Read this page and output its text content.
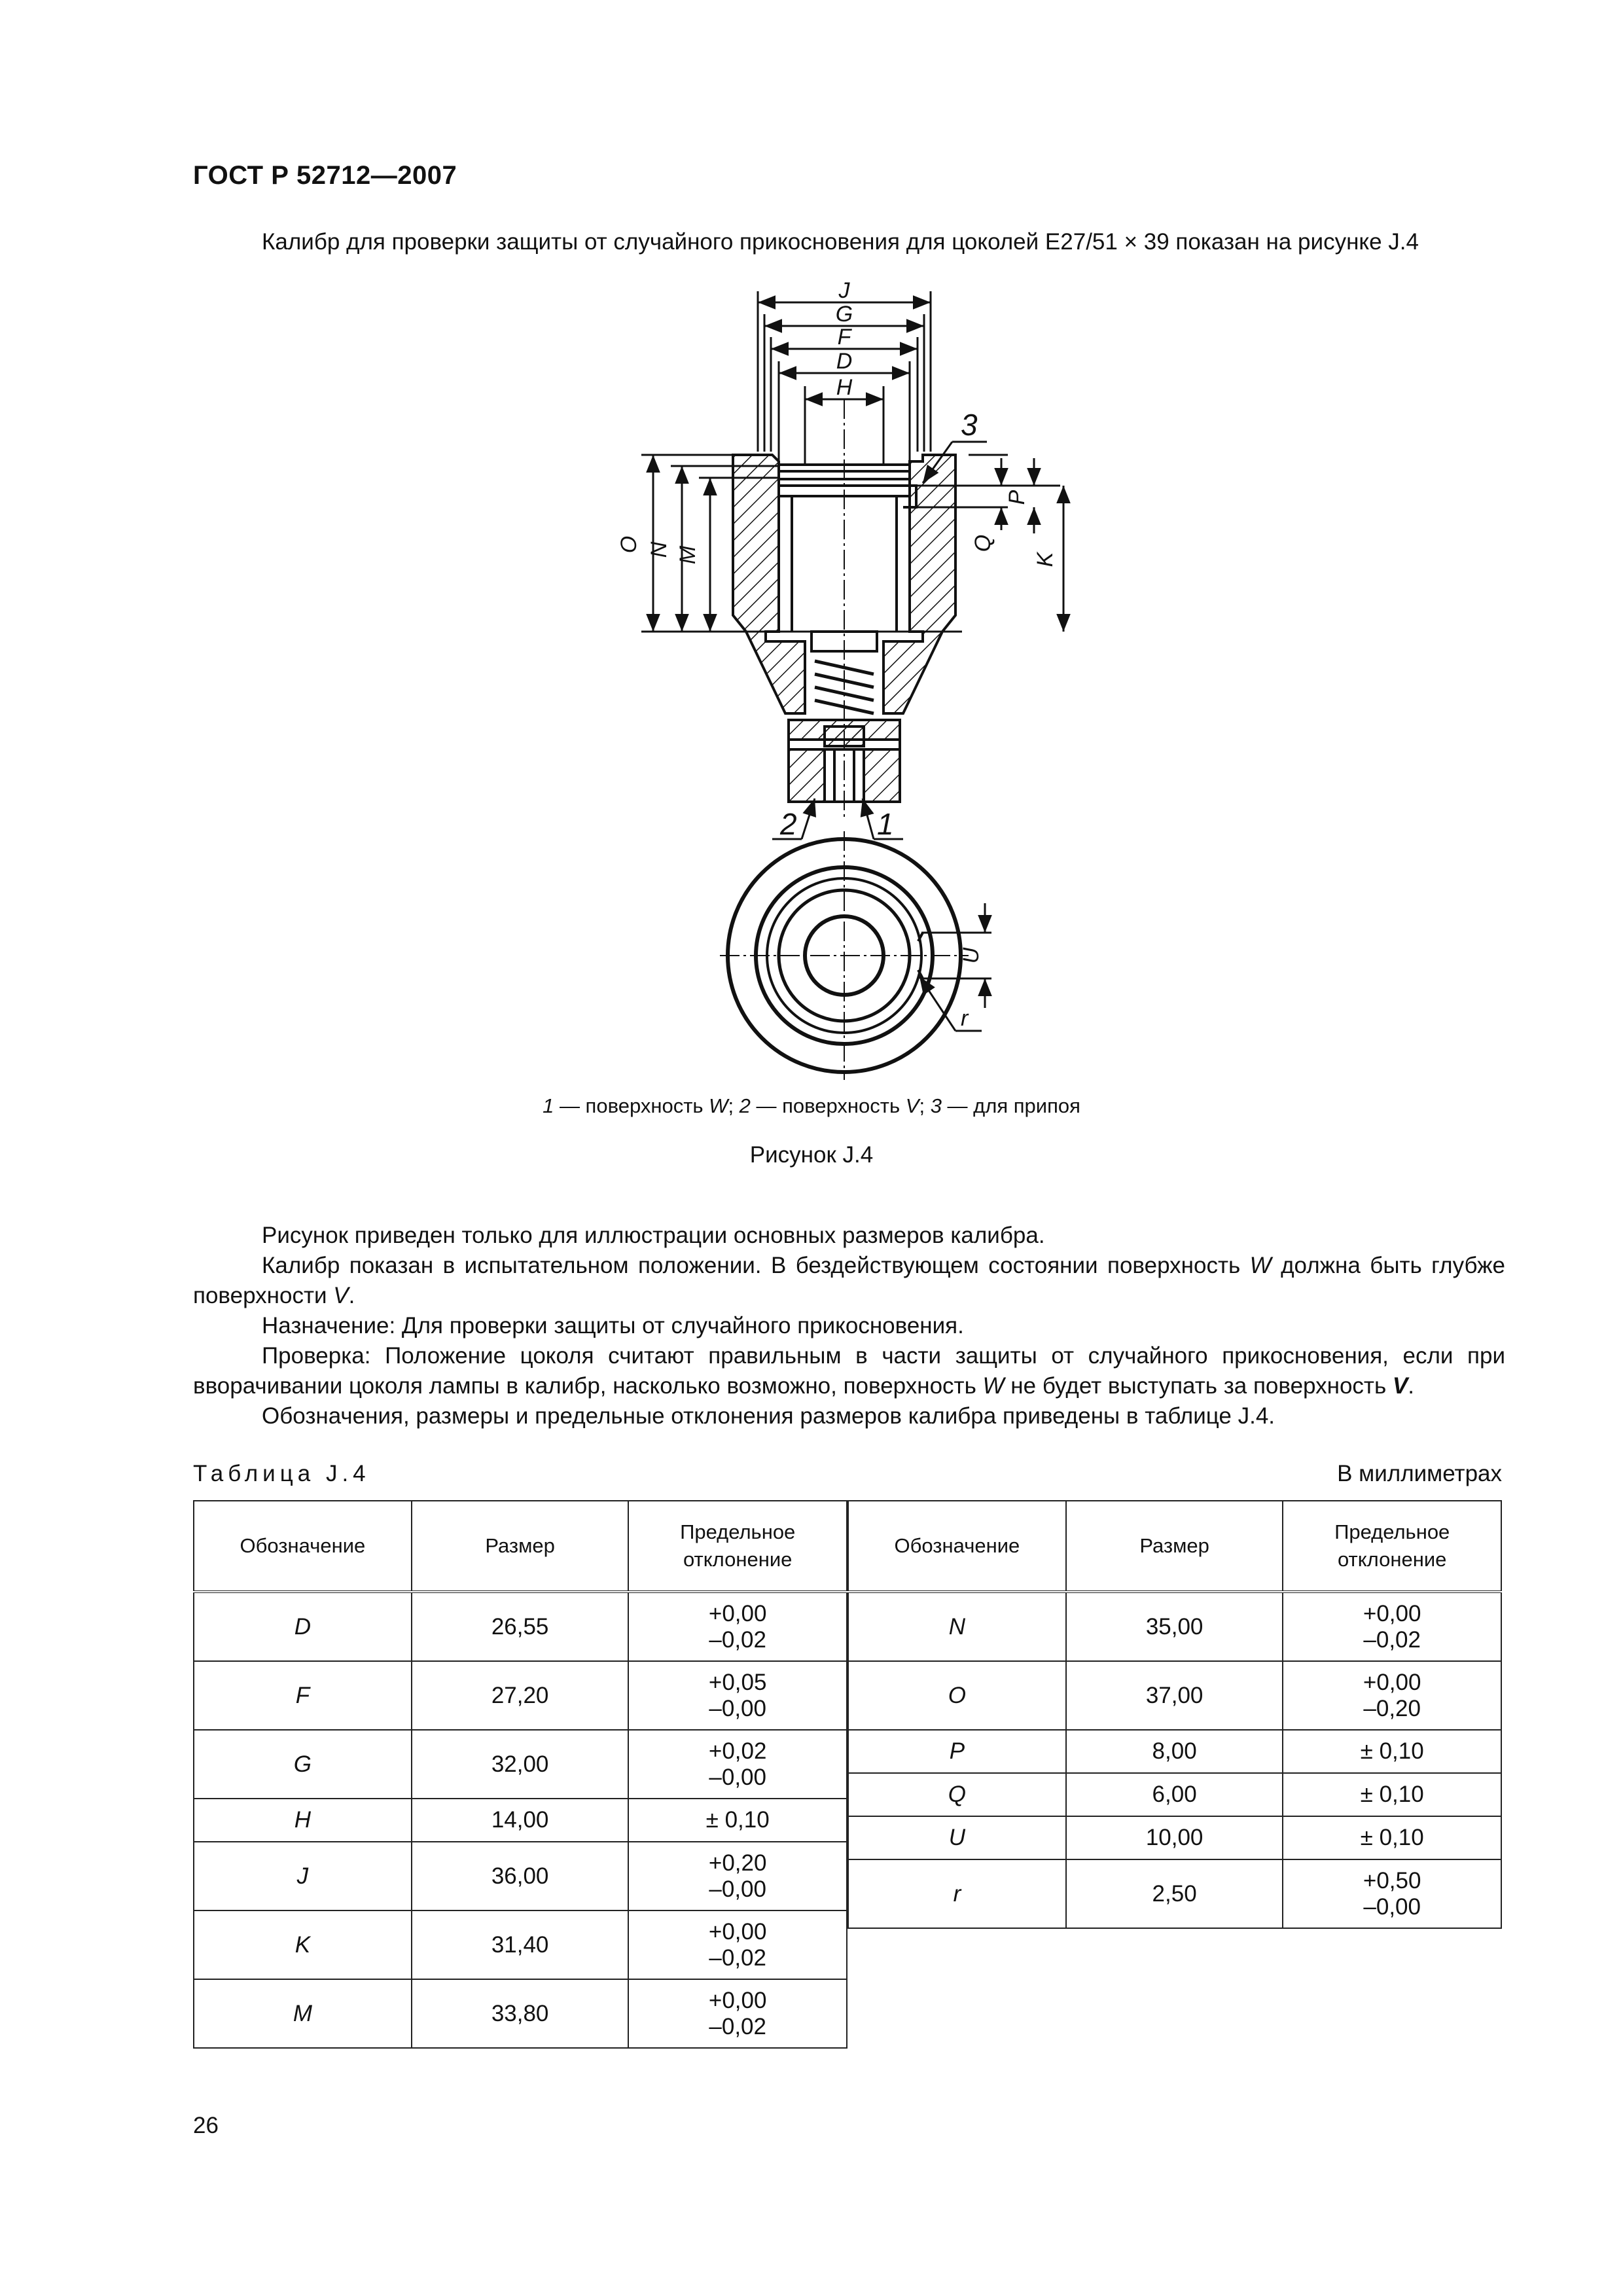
ГОСТ Р 52712—2007
Калибр для проверки защиты от случайного прикосновения для цоколей Е27/51 × 39 показан на рисунке J.4
J
G
F
D
H
O N M
P
Q
K
3
2	1
U
r
1 — поверхность W; 2 — поверхность V; 3 — для припоя
Рисунок J.4

Рисунок приведен только для иллюстрации основных размеров калибра.

Калибр показан в испытательном положении. В бездействующем состоянии поверхность W должна быть глубже поверхности V.

Назначение: Для проверки защиты от случайного прикосновения.

Проверка: Положение цоколя считают правильным в части защиты от случайного прикосновения, если при вворачивании цоколя лампы в калибр, насколько возможно, поверхность W не будет выступать за поверхность V.

Обозначения, размеры и предельные отклонения размеров калибра приведены в таблице J.4.

Таблица J.4	В миллиметрах
Обозначение	Размер	Предельное
отклонение
D	26,55	+0,00
–0,02
F	27,20	+0,05
–0,00
G	32,00	+0,02
–0,00
H	14,00	± 0,10
J	36,00	+0,20
–0,00
K	31,40	+0,00
–0,02
M	33,80	+0,00
–0,02
Обозначение	Размер	Предельное
отклонение
N	35,00	+0,00
–0,02
O	37,00	+0,00
–0,20
P	8,00	± 0,10
Q	6,00	± 0,10
U	10,00	± 0,10
r	2,50	+0,50
–0,00
26
